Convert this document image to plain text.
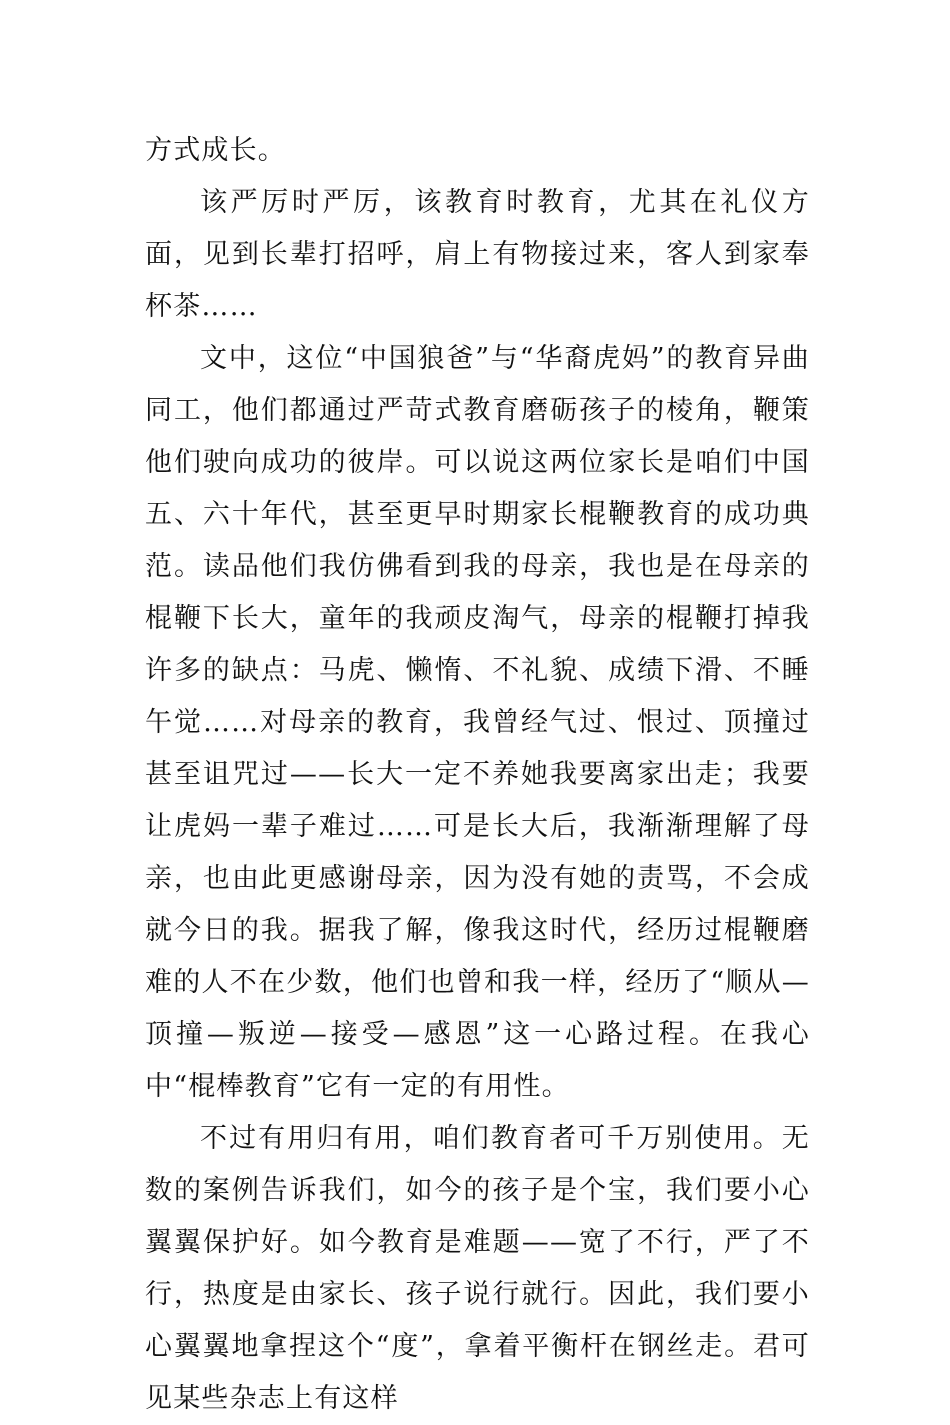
方式成长。

该严厉时严厉，该教育时教育，尤其在礼仪方面，见到长辈打招呼，肩上有物接过来，客人到家奉杯茶……

文中，这位“中国狼爸”与“华裔虎妈”的教育异曲同工，他们都通过严苛式教育磨砺孩子的棱角，鞭策他们驶向成功的彼岸。可以说这两位家长是咱们中国五、六十年代，甚至更早时期家长棍鞭教育的成功典范。读品他们我仿佛看到我的母亲，我也是在母亲的棍鞭下长大，童年的我顽皮淘气，母亲的棍鞭打掉我许多的缺点：马虎、懒惰、不礼貌、成绩下滑、不睡午觉……对母亲的教育，我曾经气过、恨过、顶撞过甚至诅咒过——长大一定不养她我要离家出走；我要让虎妈一辈子难过……可是长大后，我渐渐理解了母亲，也由此更感谢母亲，因为没有她的责骂，不会成就今日的我。据我了解，像我这时代，经历过棍鞭磨难的人不在少数，他们也曾和我一样，经历了“顺从—顶撞—叛逆—接受—感恩”这一心路过程。在我心中“棍棒教育”它有一定的有用性。

不过有用归有用，咱们教育者可千万别使用。无数的案例告诉我们，如今的孩子是个宝，我们要小心翼翼保护好。如今教育是难题——宽了不行，严了不行，热度是由家长、孩子说行就行。因此，我们要小心翼翼地拿捏这个“度”，拿着平衡杆在钢丝走。君可见某些杂志上有这样
